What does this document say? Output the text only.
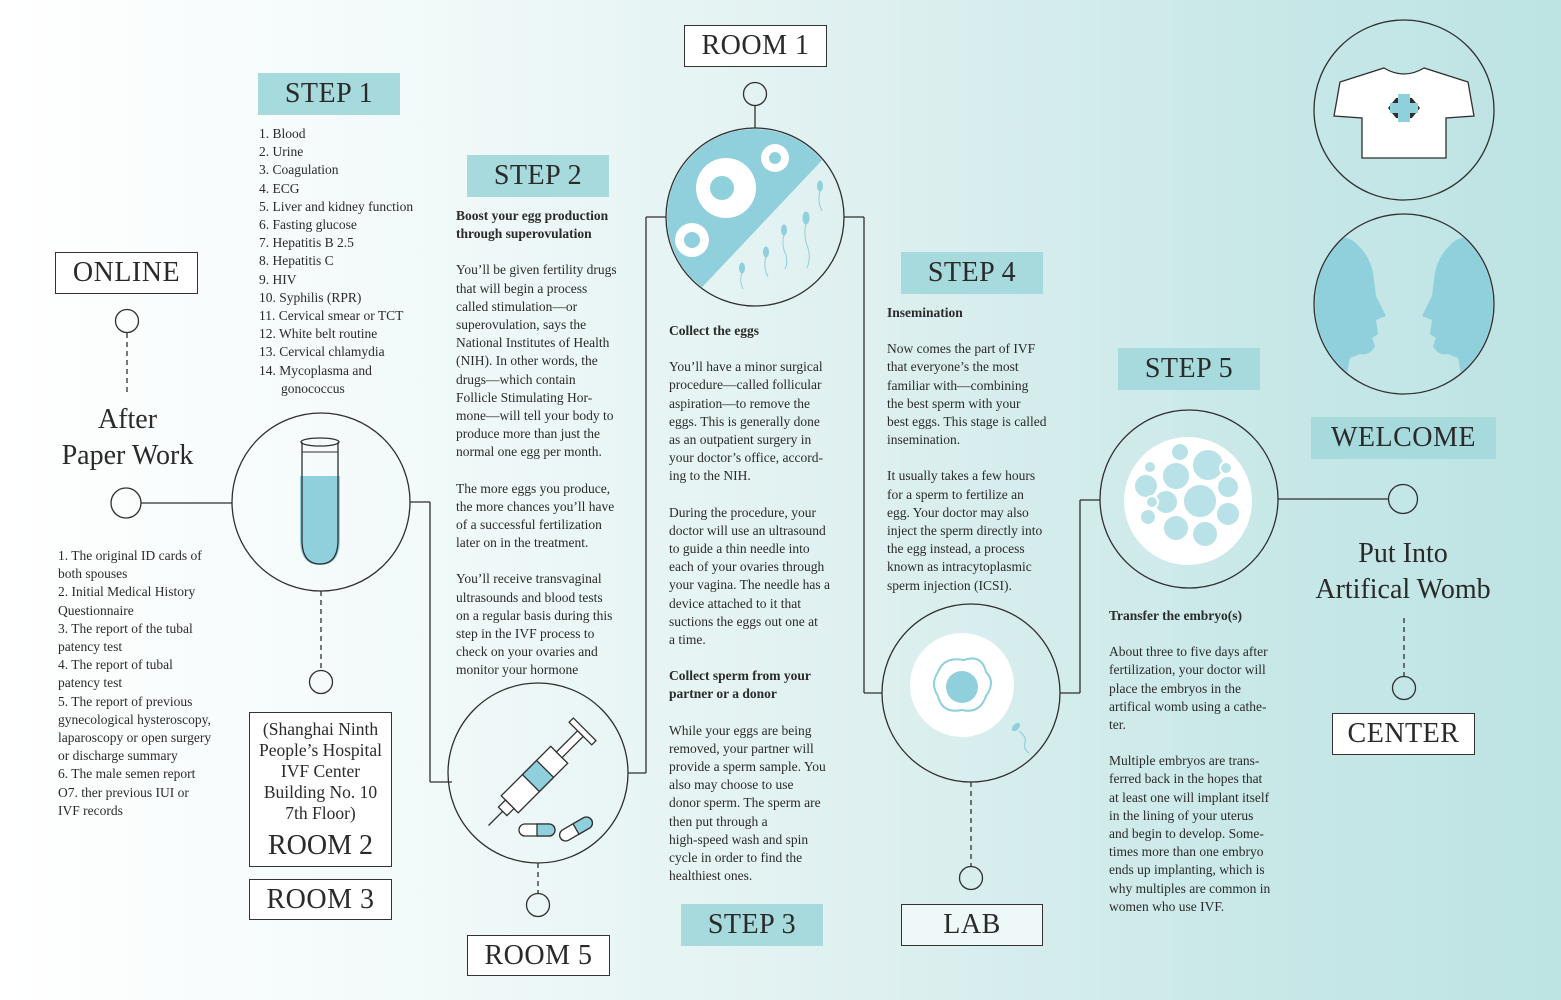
ONLINE
After
Paper Work
1. The original ID cards of
both spouses
2. Initial Medical History
Questionnaire
3. The report of the tubal
patency test
4. The report of tubal
patency test
5. The report of previous
gynecological hysteroscopy,
laparoscopy or open surgery
or discharge summary
6. The male semen report
O7. ther previous IUI or
IVF records
STEP 1
1. Blood
2. Urine
3. Coagulation
4. ECG
5. Liver and kidney function
6. Fasting glucose
7. Hepatitis B 2.5
8. Hepatitis C
9. HIV
10. Syphilis (RPR)
11. Cervical smear or TCT
12. White belt routine
13. Cervical chlamydia
14. Mycoplasma and
gonococcus
(Shanghai Ninth
People’s Hospital
IVF Center
Building No. 10
7th Floor)
ROOM 2
ROOM 3
STEP 2

Boost your egg production
through superovulation

You’ll be given fertility drugs
that will begin a process
called stimulation—or
superovulation, says the
National Institutes of Health
(NIH). In other words, the
drugs—which contain
Follicle Stimulating Hor-
mone—will tell your body to
produce more than just the
normal one egg per month.

The more eggs you produce,
the more chances you’ll have
of a successful fertilization
later on in the treatment.

You’ll receive transvaginal
ultrasounds and blood tests
on a regular basis during this
step in the IVF process to
check on your ovaries and
monitor your hormone

ROOM 5
ROOM 1

Collect the eggs

You’ll have a minor surgical
procedure—called follicular
aspiration—to remove the
eggs. This is generally done
as an outpatient surgery in
your doctor’s office, accord-
ing to the NIH.

During the procedure, your
doctor will use an ultrasound
to guide a thin needle into
each of your ovaries through
your vagina. The needle has a
device attached to it that
suctions the eggs out one at
a time.

Collect sperm from your
partner or a donor

While your eggs are being
removed, your partner will
provide a sperm sample. You
also may choose to use
donor sperm. The sperm are
then put through a
high-speed wash and spin
cycle in order to find the
healthiest ones.

STEP 3
STEP 4

Insemination

Now comes the part of IVF
that everyone’s the most
familiar with—combining
the best sperm with your
best eggs. This stage is called
insemination.

It usually takes a few hours
for a sperm to fertilize an
egg. Your doctor may also
inject the sperm directly into
the egg instead, a process
known as intracytoplasmic
sperm injection (ICSI).

LAB
STEP 5

Transfer the embryo(s)

About three to five days after
fertilization, your doctor will
place the embryos in the
artifical womb using a cathe-
ter.

Multiple embryos are trans-
ferred back in the hopes that
at least one will implant itself
in the lining of your uterus
and begin to develop. Some-
times more than one embryo
ends up implanting, which is
why multiples are common in
women who use IVF.

WELCOME
Put Into
Artifical Womb
CENTER
